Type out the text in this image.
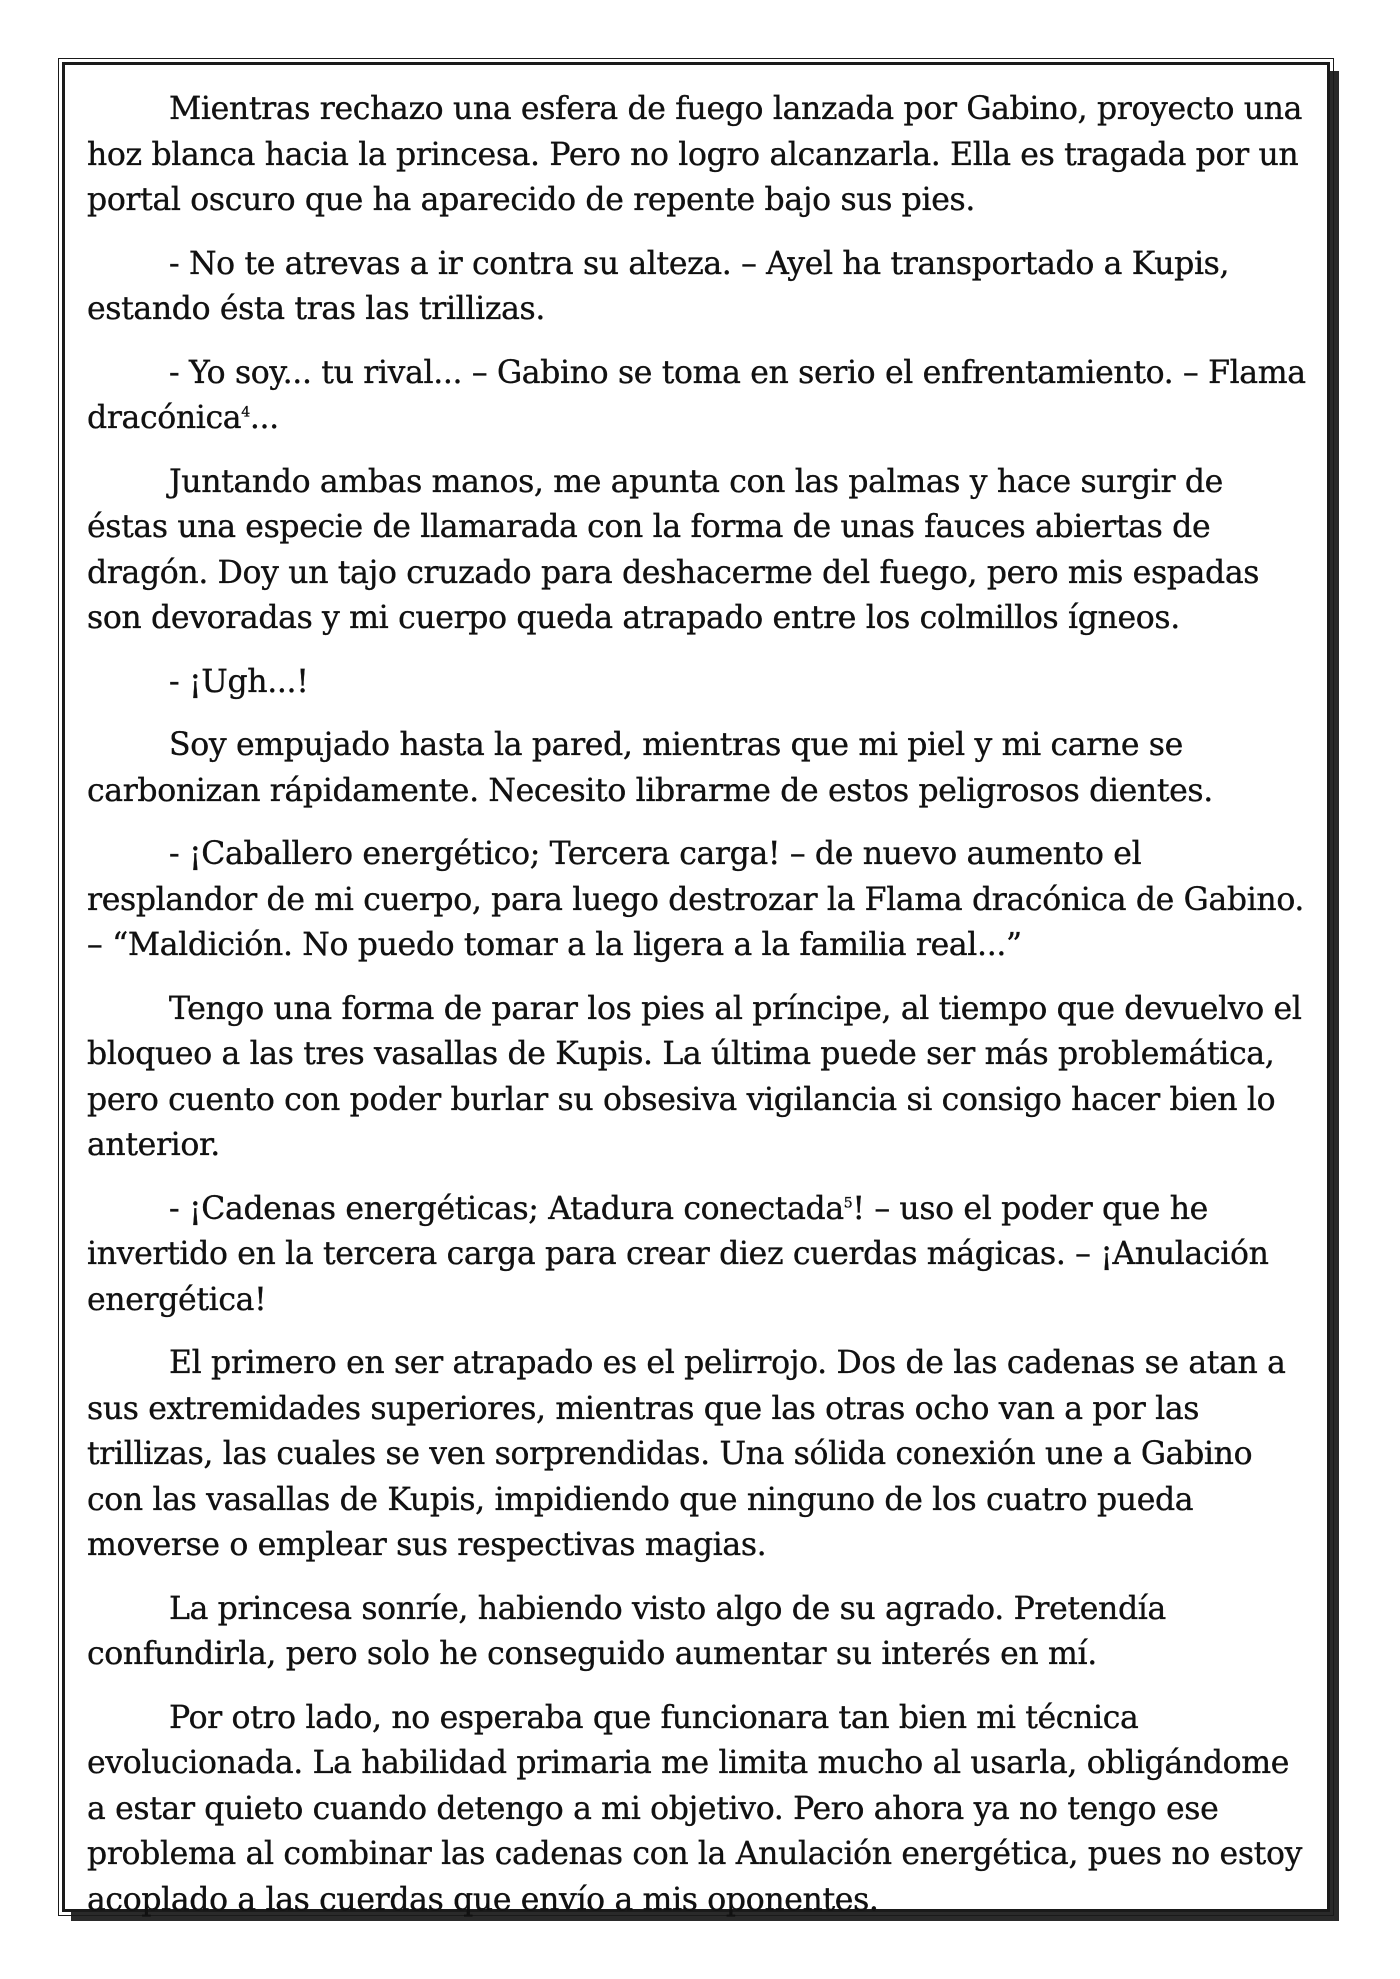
Mientras rechazo una esfera de fuego lanzada por Gabino, proyecto una hoz blanca hacia la princesa. Pero no logro alcanzarla. Ella es tragada por un portal oscuro que ha aparecido de repente bajo sus pies.

- No te atrevas a ir contra su alteza. – Ayel ha transportado a Kupis, estando ésta tras las trillizas.

- Yo soy... tu rival... – Gabino se toma en serio el enfrentamiento. – Flama dracónica$^4$...

Juntando ambas manos, me apunta con las palmas y hace surgir de éstas una especie de llamarada con la forma de unas fauces abiertas de dragón. Doy un tajo cruzado para deshacerme del fuego, pero mis espadas son devoradas y mi cuerpo queda atrapado entre los colmillos ígneos.

- ¡Ugh...!

Soy empujado hasta la pared, mientras que mi piel y mi carne se carbonizan rápidamente. Necesito librarme de estos peligrosos dientes.

- ¡Caballero energético; Tercera carga! – de nuevo aumento el resplandor de mi cuerpo, para luego destrozar la Flama dracónica de Gabino. – “Maldición. No puedo tomar a la ligera a la familia real...”

Tengo una forma de parar los pies al príncipe, al tiempo que devuelvo el bloqueo a las tres vasallas de Kupis. La última puede ser más problemática, pero cuento con poder burlar su obsesiva vigilancia si consigo hacer bien lo anterior.

- ¡Cadenas energéticas; Atadura conectada$^5$! – uso el poder que he invertido en la tercera carga para crear diez cuerdas mágicas. – ¡Anulación energética!

El primero en ser atrapado es el pelirrojo. Dos de las cadenas se atan a sus extremidades superiores, mientras que las otras ocho van a por las trillizas, las cuales se ven sorprendidas. Una sólida conexión une a Gabino con las vasallas de Kupis, impidiendo que ninguno de los cuatro pueda moverse o emplear sus respectivas magias.

La princesa sonríe, habiendo visto algo de su agrado. Pretendía confundirla, pero solo he conseguido aumentar su interés en mí.

Por otro lado, no esperaba que funcionara tan bien mi técnica evolucionada. La habilidad primaria me limita mucho al usarla, obligándome a estar quieto cuando detengo a mi objetivo. Pero ahora ya no tengo ese problema al combinar las cadenas con la Anulación energética, pues no estoy acoplado a las cuerdas que envío a mis oponentes.
